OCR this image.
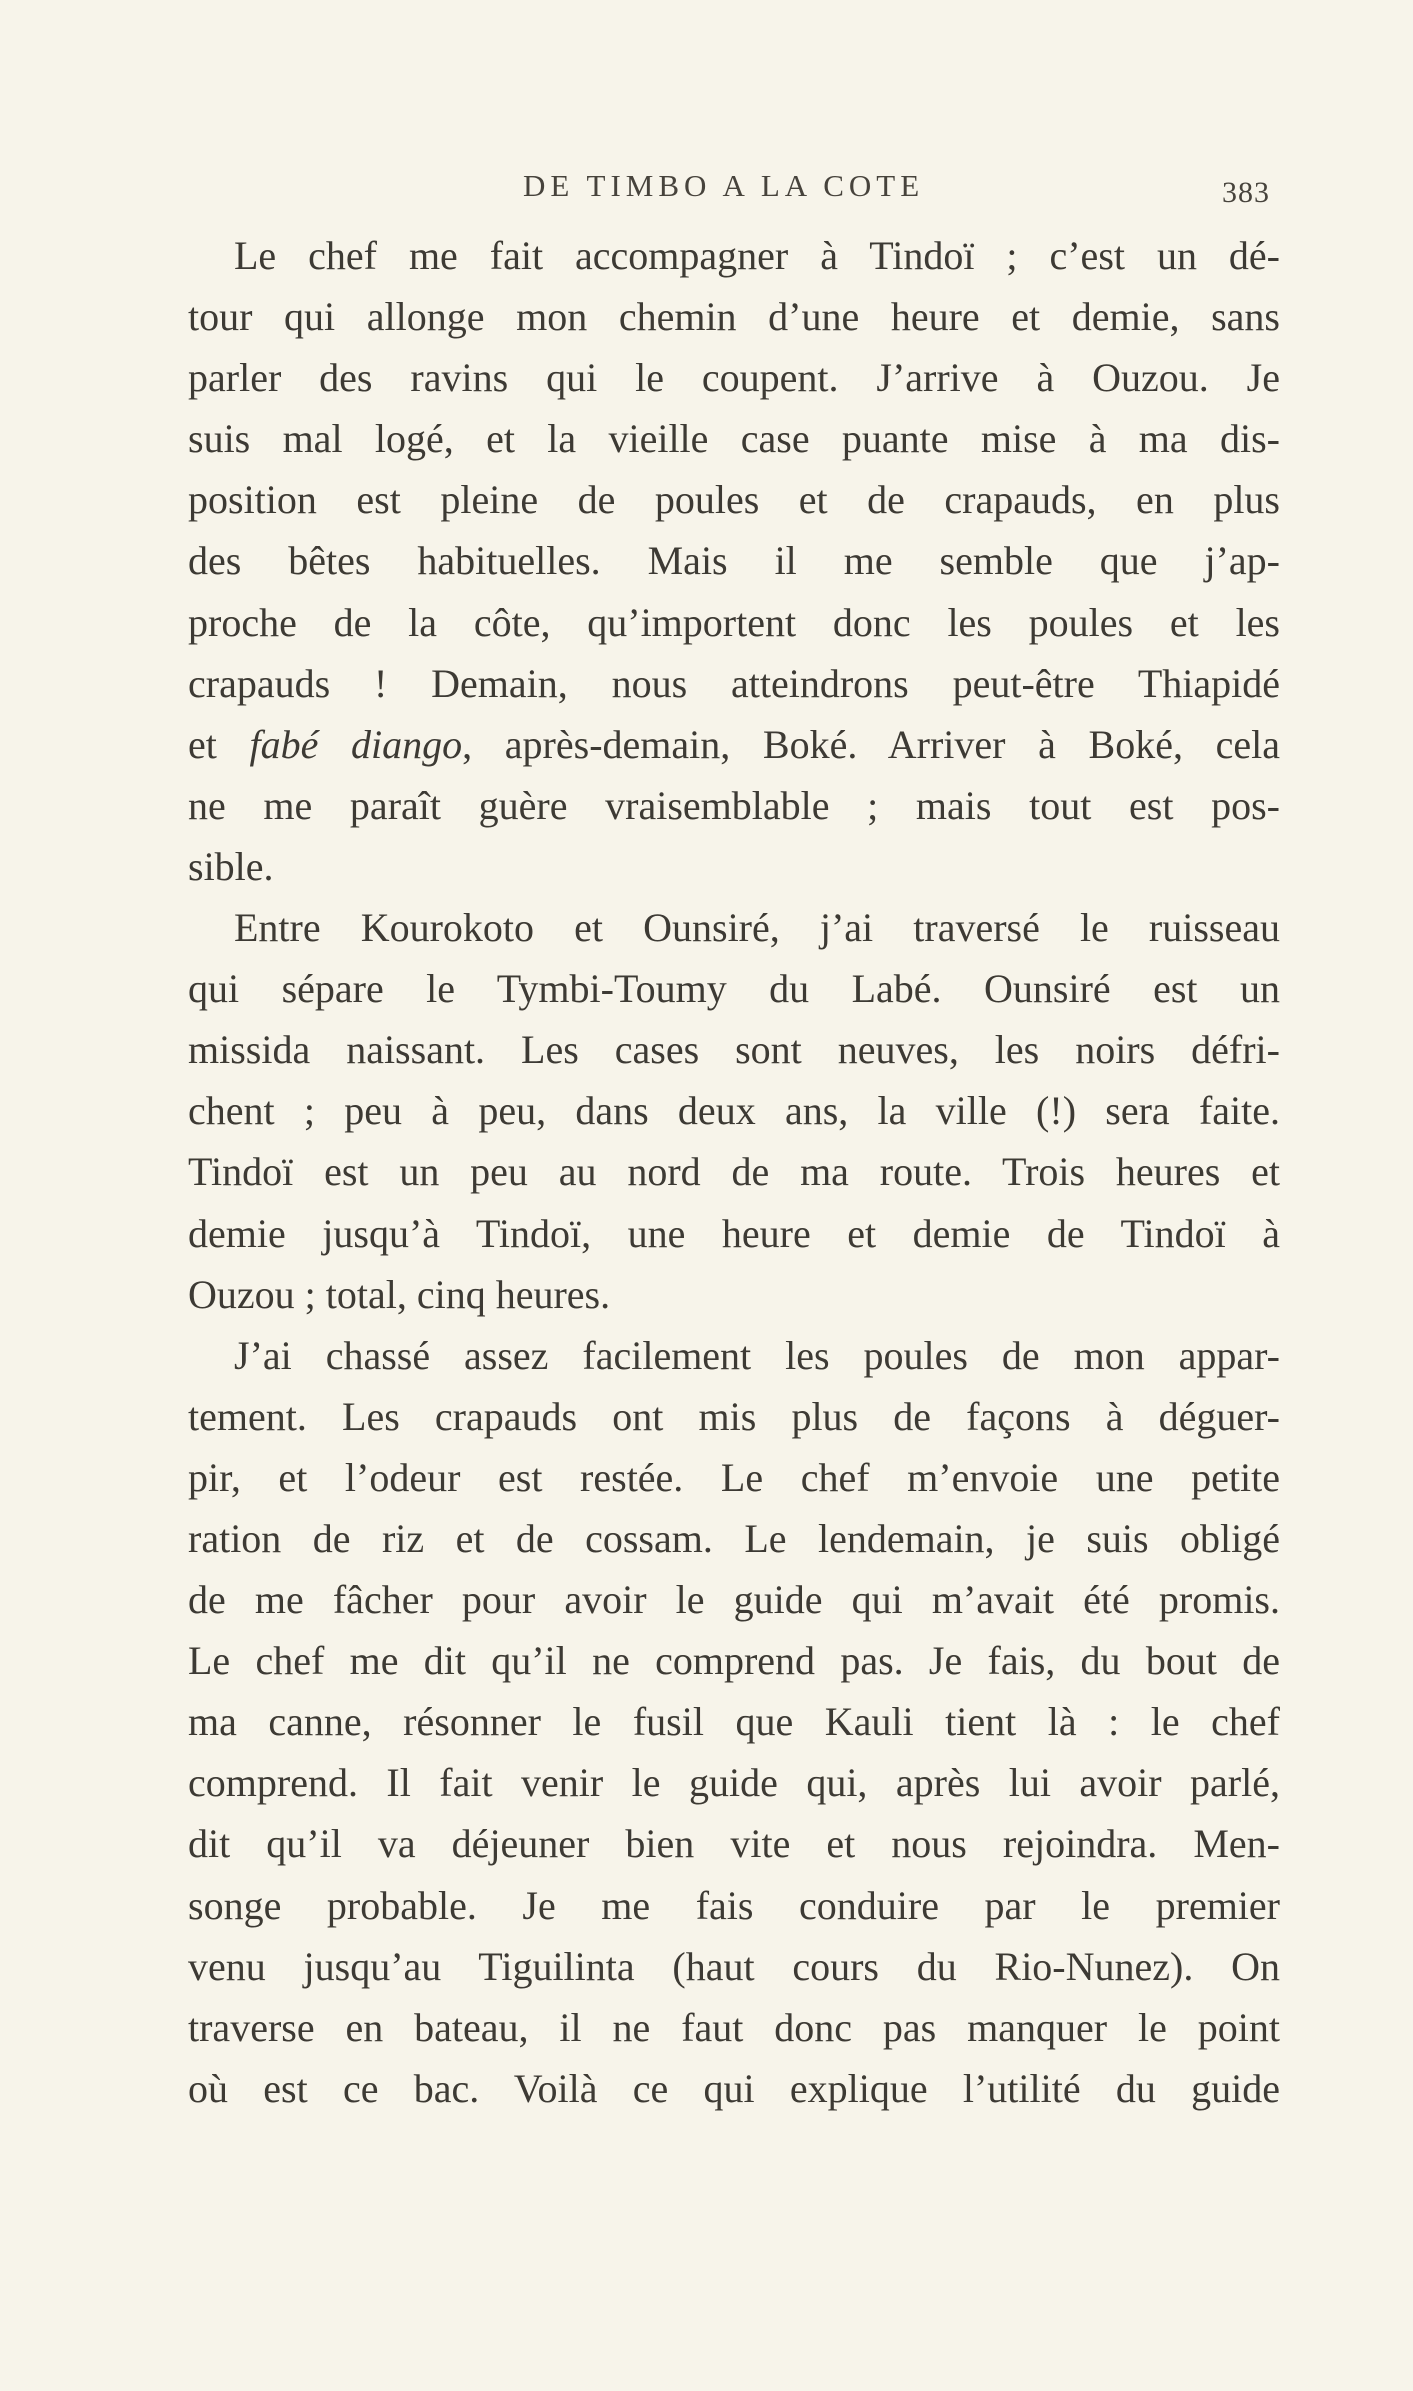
DE TIMBO A LA COTE	383
Le chef me fait accompagner à Tindoï ; c’est un dé-
tour qui allonge mon chemin d’une heure et demie, sans
parler des ravins qui le coupent. J’arrive à Ouzou. Je
suis mal logé, et la vieille case puante mise à ma dis-
position est pleine de poules et de crapauds, en plus
des bêtes habituelles. Mais il me semble que j’ap-
proche de la côte, qu’importent donc les poules et les
crapauds ! Demain, nous atteindrons peut-être Thiapidé
et fabé diango, après-demain, Boké. Arriver à Boké, cela
ne me paraît guère vraisemblable ; mais tout est pos-
sible.
Entre Kourokoto et Ounsiré, j’ai traversé le ruisseau
qui sépare le Tymbi-Toumy du Labé. Ounsiré est un
missida naissant. Les cases sont neuves, les noirs défri-
chent ; peu à peu, dans deux ans, la ville (!) sera faite.
Tindoï est un peu au nord de ma route. Trois heures et
demie jusqu’à Tindoï, une heure et demie de Tindoï à
Ouzou ; total, cinq heures.
J’ai chassé assez facilement les poules de mon appar-
tement. Les crapauds ont mis plus de façons à déguer-
pir, et l’odeur est restée. Le chef m’envoie une petite
ration de riz et de cossam. Le lendemain, je suis obligé
de me fâcher pour avoir le guide qui m’avait été promis.
Le chef me dit qu’il ne comprend pas. Je fais, du bout de
ma canne, résonner le fusil que Kauli tient là : le chef
comprend. Il fait venir le guide qui, après lui avoir parlé,
dit qu’il va déjeuner bien vite et nous rejoindra. Men-
songe probable. Je me fais conduire par le premier
venu jusqu’au Tiguilinta (haut cours du Rio-Nunez). On
traverse en bateau, il ne faut donc pas manquer le point
où est ce bac. Voilà ce qui explique l’utilité du guide
